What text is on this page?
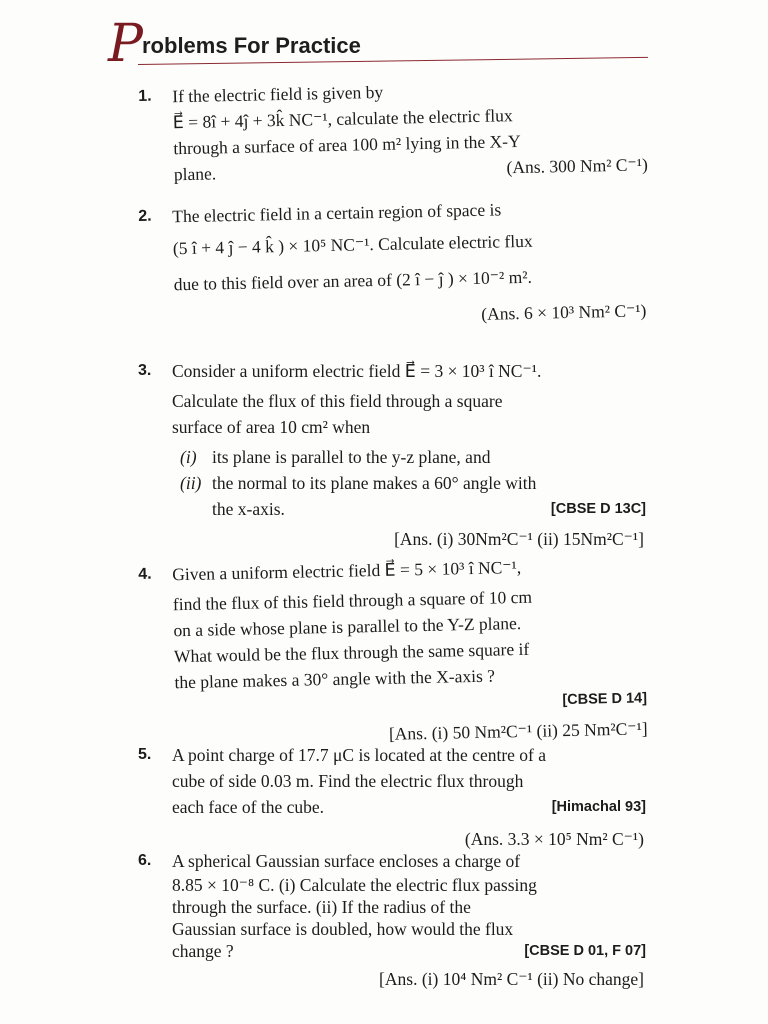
P roblems For Practice
1.	If the electric field is given by
E⃗ = 8î + 4ĵ + 3k̂ NC⁻¹, calculate the electric flux
through a surface of area 100 m² lying in the X-Y
plane.	(Ans. 300 Nm² C⁻¹)
2.	The electric field in a certain region of space is
(5 î + 4 ĵ − 4 k̂ ) × 10⁵ NC⁻¹. Calculate electric flux
due to this field over an area of (2 î − ĵ ) × 10⁻² m².
(Ans. 6 × 10³ Nm² C⁻¹)
3.	Consider a uniform electric field E⃗ = 3 × 10³ î NC⁻¹.
Calculate the flux of this field through a square
surface of area 10 cm² when
(i) its plane is parallel to the y-z plane, and
(ii) the normal to its plane makes a 60° angle with
the x-axis.	[CBSE D 13C]
[Ans. (i) 30Nm²C⁻¹ (ii) 15Nm²C⁻¹]
4.	Given a uniform electric field E⃗ = 5 × 10³ î NC⁻¹,
find the flux of this field through a square of 10 cm
on a side whose plane is parallel to the Y-Z plane.
What would be the flux through the same square if
the plane makes a 30° angle with the X-axis ?
[CBSE D 14]
[Ans. (i) 50 Nm²C⁻¹ (ii) 25 Nm²C⁻¹]
5.	A point charge of 17.7 μC is located at the centre of a
cube of side 0.03 m. Find the electric flux through
each face of the cube.	[Himachal 93]
(Ans. 3.3 × 10⁵ Nm² C⁻¹)
6.	A spherical Gaussian surface encloses a charge of
8.85 × 10⁻⁸ C. (i) Calculate the electric flux passing
through the surface. (ii) If the radius of the
Gaussian surface is doubled, how would the flux
change ?	[CBSE D 01, F 07]
[Ans. (i) 10⁴ Nm² C⁻¹ (ii) No change]
